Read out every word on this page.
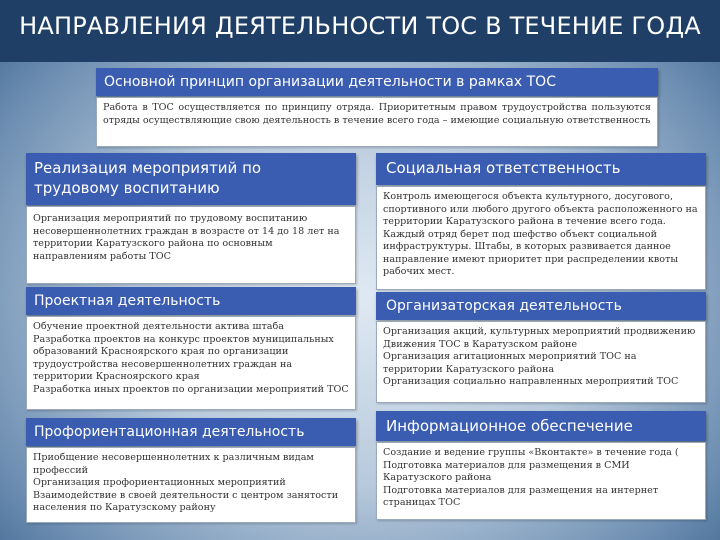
НАПРАВЛЕНИЯ ДЕЯТЕЛЬНОСТИ ТОС В ТЕЧЕНИЕ ГОДА
Основной принцип организации деятельности в рамках ТОС
Работа в ТОС осуществляется по принципу отряда. Приоритетным правом трудоустройства пользуются отряды осуществляющие свою деятельность в течение всего года – имеющие социальную ответственность
Реализация мероприятий по трудовому воспитанию
Организация мероприятий по трудовому воспитанию несовершеннолетних граждан в возрасте от 14 до 18 лет на территории Каратузского района по основным направлениям работы ТОС
Социальная ответственность
Контроль имеющегося объекта культурного, досугового, спортивного или любого другого объекта расположенного на территории Каратузского района в течение всего года. Каждый отряд берет под шефство объект социальной инфраструктуры. Штабы, в которых развивается данное направление имеют приоритет при распределении квоты рабочих мест.
Проектная деятельность
Обучение проектной деятельности актива штаба
Разработка проектов на конкурс проектов муниципальных образований Красноярского края по организации трудоустройства несовершеннолетних граждан на территории Красноярского края
Разработка иных проектов по организации мероприятий ТОС
Организаторская деятельность
Организация акций, культурных мероприятий продвижению Движения ТОС в Каратузском районе
Организация агитационных мероприятий ТОС на территории Каратузского района
Организация социально направленных мероприятий ТОС
Профориентационная деятельность
Приобщение несовершеннолетних к различным видам профессий
Организация профориентационных мероприятий
Взаимодействие в своей деятельности с центром занятости населения по Каратузскому району
Информационное обеспечение
Создание и ведение группы «Вконтакте» в течение года (
Подготовка материалов для размещения в СМИ Каратузского района
Подготовка материалов для размещения на интернет страницах ТОС
